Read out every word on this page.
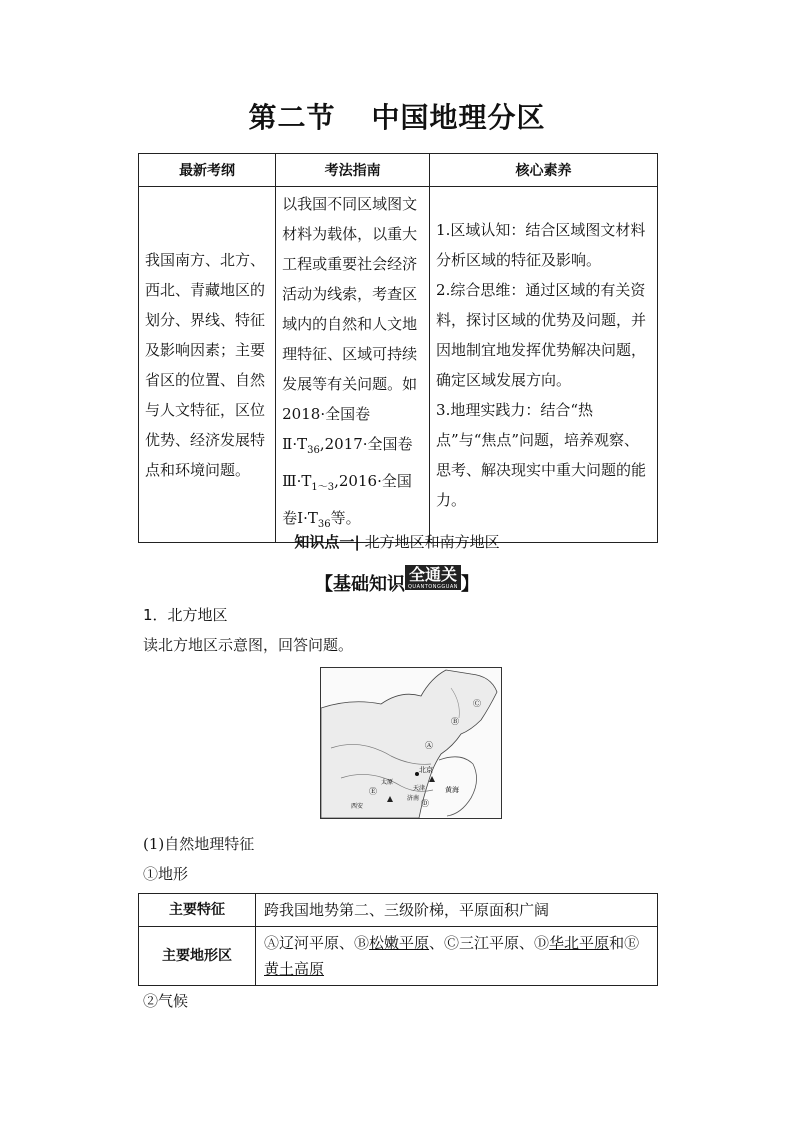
第二节 中国地理分区
最新考纲	考法指南	核心素养
我国南方、北方、西北、青藏地区的划分、界线、特征及影响因素；主要省区的位置、自然与人文特征，区位优势、经济发展特点和环境问题。	以我国不同区域图文材料为载体，以重大工程或重要社会经济活动为线索，考查区域内的自然和人文地理特征、区域可持续发展等有关问题。如 2018·全国卷$Ⅱ\cdot T_{36},2017\cdot$全国卷$Ⅲ\cdot T_{1\sim 3},2016\cdot$全国卷$Ⅰ\cdot T_{36}$等。	1.区域认知：结合区域图文材料分析区域的特征及影响。
2.综合思维：通过区域的有关资料，探讨区域的优势及问题，并因地制宜地发挥优势解决问题，确定区域发展方向。
3.地理实践力：结合“热点”与“焦点”问题，培养观察、思考、解决现实中重大问题的能力。
知识点一| 北方地区和南方地区
【基础知识 全通关
QUANTONGGUAN 】
1．北方地区
读北方地区示意图，回答问题。
北京
天津
济南
太原
西安
黄海
Ⓐ
Ⓑ
Ⓒ
Ⓓ
Ⓔ
(1)自然地理特征
①地形
主要特征	跨我国地势第二、三级阶梯，平原面积广阔
主要地形区	Ⓐ辽河平原、Ⓑ松嫩平原、Ⓒ三江平原、Ⓓ华北平原和Ⓔ黄土高原
②气候
